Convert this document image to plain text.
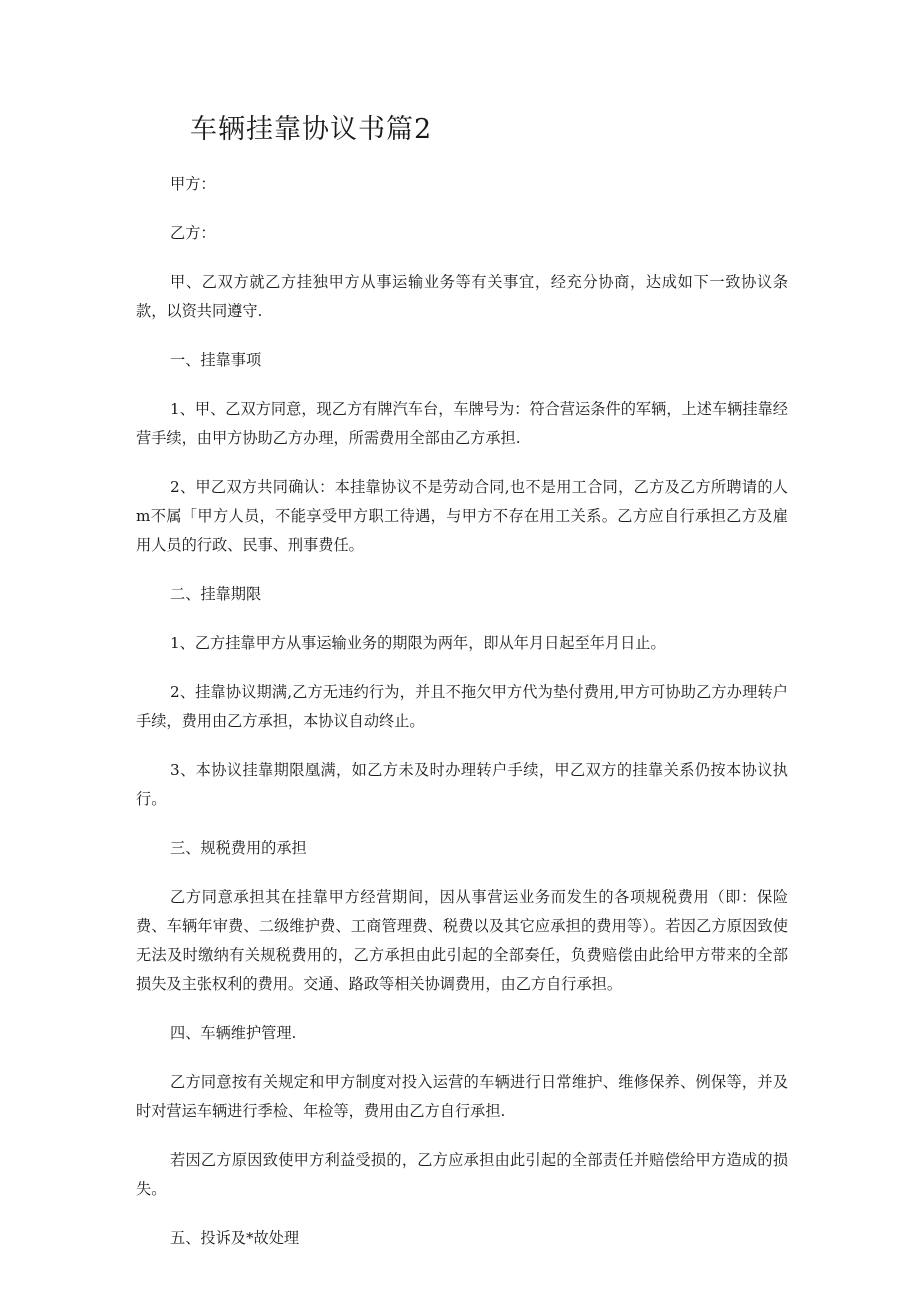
车辆挂靠协议书篇2

甲方：

乙方：

甲、乙双方就乙方挂独甲方从事运输业务等有关事宜，经充分协商，达成如下一致协议条款，以资共同遵守.

一、挂靠事项

1、甲、乙双方同意，现乙方有牌汽车台，车牌号为：符合营运条件的军辆，上述车辆挂靠经营手续，由甲方协助乙方办理，所需费用全部由乙方承担.

2、甲乙双方共同确认：本挂靠协议不是劳动合同,也不是用工合同，乙方及乙方所聘请的人m不属「甲方人员，不能享受甲方职工待遇，与甲方不存在用工关系。乙方应自行承担乙方及雇用人员的行政、民事、刑事费任。

二、挂靠期限

1、乙方挂靠甲方从事运输业务的期限为两年，即从年月日起至年月日止。

2、挂靠协议期满,乙方无违约行为，并且不拖欠甲方代为垫付费用,甲方可协助乙方办理转户手续，费用由乙方承担，本协议自动终止。

3、本协议挂靠期限凰满，如乙方未及时办理转户手续，甲乙双方的挂靠关系仍按本协议执行。

三、规税费用的承担

乙方同意承担其在挂靠甲方经营期间，因从事营运业务而发生的各项规税费用（即：保险费、车辆年审费、二级维护费、工商管理费、税费以及其它应承担的费用等）。若因乙方原因致使无法及时缴纳有关规税费用的，乙方承担由此引起的全部奏任，负费赔偿由此给甲方带来的全部损失及主张权利的费用。交通、路政等相关协调费用，由乙方自行承担。

四、车辆维护管理.

乙方同意按有关规定和甲方制度对投入运营的车辆进行日常维护、维修保养、例保等，并及时对营运车辆进行季检、年检等，费用由乙方自行承担.

若因乙方原因致使甲方利益受损的，乙方应承担由此引起的全部责任并赔偿给甲方造成的损失。

五、投诉及*故处理
